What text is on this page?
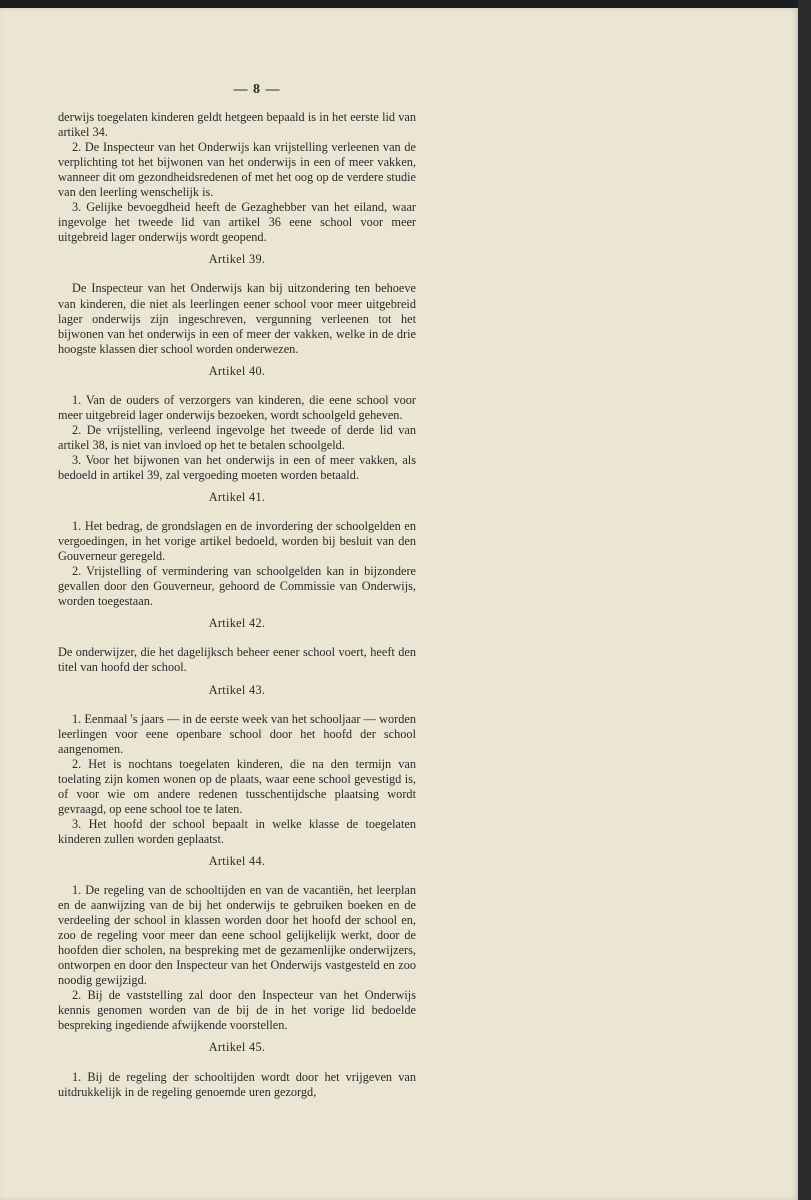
— 8 —

derwijs toegelaten kinderen geldt hetgeen bepaald is in het eerste lid van artikel 34.

2. De Inspecteur van het Onderwijs kan vrijstelling verleenen van de verplichting tot het bijwonen van het onderwijs in een of meer vakken, wanneer dit om gezondheidsredenen of met het oog op de verdere studie van den leerling wenschelijk is.

3. Gelijke bevoegdheid heeft de Gezaghebber van het eiland, waar ingevolge het tweede lid van artikel 36 eene school voor meer uitgebreid lager onderwijs wordt geopend.

Artikel 39.

De Inspecteur van het Onderwijs kan bij uitzondering ten behoeve van kinderen, die niet als leerlingen eener school voor meer uitgebreid lager onderwijs zijn ingeschreven, vergunning verleenen tot het bijwonen van het onderwijs in een of meer der vakken, welke in de drie hoogste klassen dier school worden onderwezen.

Artikel 40.

1. Van de ouders of verzorgers van kinderen, die eene school voor meer uitgebreid lager onderwijs bezoeken, wordt schoolgeld geheven.

2. De vrijstelling, verleend ingevolge het tweede of derde lid van artikel 38, is niet van invloed op het te betalen schoolgeld.

3. Voor het bijwonen van het onderwijs in een of meer vakken, als bedoeld in artikel 39, zal vergoeding moeten worden betaald.

Artikel 41.

1. Het bedrag, de grondslagen en de invordering der schoolgelden en vergoedingen, in het vorige artikel bedoeld, worden bij besluit van den Gouverneur geregeld.

2. Vrijstelling of vermindering van schoolgelden kan in bijzondere gevallen door den Gouverneur, gehoord de Commissie van Onderwijs, worden toegestaan.

Artikel 42.

De onderwijzer, die het dagelijksch beheer eener school voert, heeft den titel van hoofd der school.

Artikel 43.

1. Eenmaal 's jaars — in de eerste week van het schooljaar — worden leerlingen voor eene openbare school door het hoofd der school aangenomen.

2. Het is nochtans toegelaten kinderen, die na den termijn van toelating zijn komen wonen op de plaats, waar eene school gevestigd is, of voor wie om andere redenen tusschentijdsche plaatsing wordt gevraagd, op eene school toe te laten.

3. Het hoofd der school bepaalt in welke klasse de toegelaten kinderen zullen worden geplaatst.

Artikel 44.

1. De regeling van de schooltijden en van de vacantiën, het leerplan en de aanwijzing van de bij het onderwijs te gebruiken boeken en de verdeeling der school in klassen worden door het hoofd der school en, zoo de regeling voor meer dan eene school gelijkelijk werkt, door de hoofden dier scholen, na bespreking met de gezamenlijke onderwijzers, ontworpen en door den Inspecteur van het Onderwijs vastgesteld en zoo noodig gewijzigd.

2. Bij de vaststelling zal door den Inspecteur van het Onderwijs kennis genomen worden van de bij de in het vorige lid bedoelde bespreking ingediende afwijkende voorstellen.

Artikel 45.

1. Bij de regeling der schooltijden wordt door het vrijgeven van uitdrukkelijk in de regeling genoemde uren gezorgd,
